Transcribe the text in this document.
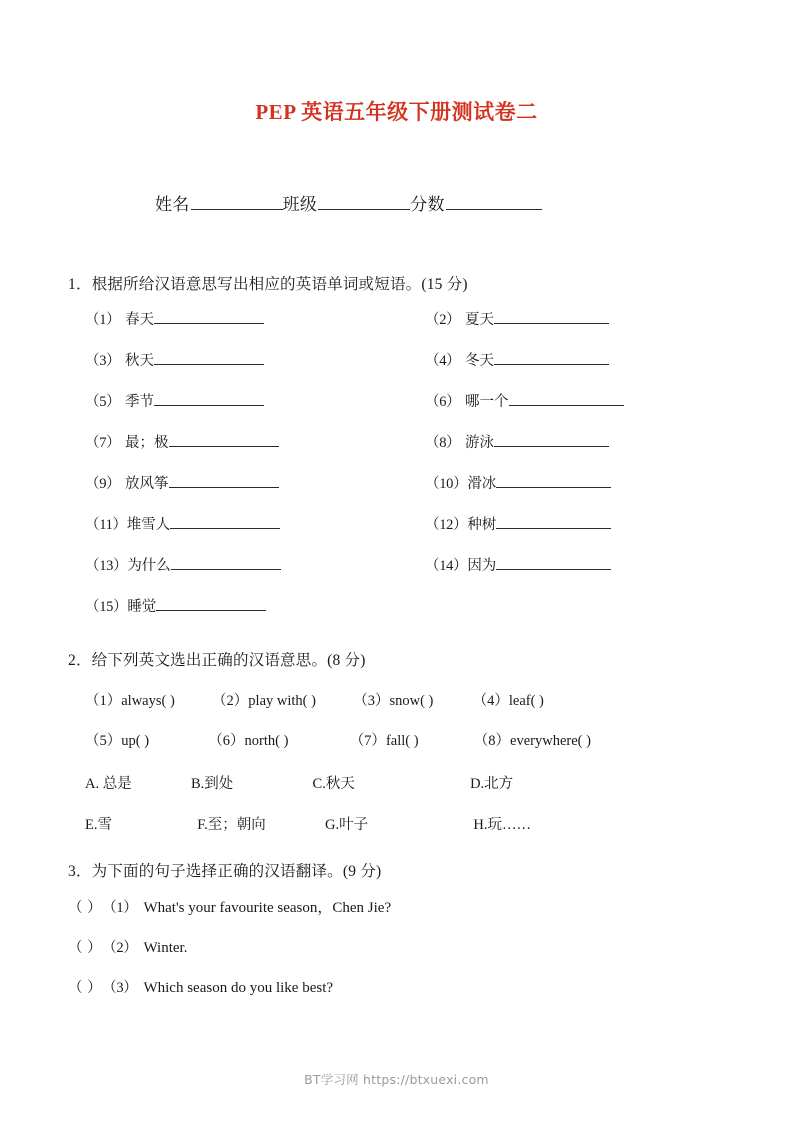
PEP 英语五年级下册测试卷二
姓名	班级	分数
1．根据所给汉语意思写出相应的英语单词或短语。(15 分)
（1） 春天	（2） 夏天
（3） 秋天	（4） 冬天
（5） 季节	（6） 哪一个
（7） 最；极	（8） 游泳
（9） 放风筝	（10） 滑冰
（11） 堆雪人	（12） 种树
（13） 为什么	（14） 因为
（15） 睡觉
2．给下列英文选出正确的汉语意思。(8 分)
（1）always( )	（2）play with( )	（3）snow( )	（4）leaf( )
（5）up( )	（6）north( )	（7）fall( )	（8）everywhere( )
A. 总是	B.到处	C.秋天	D.北方
E.雪	F.至；朝向	G.叶子	H.玩……
3．为下面的句子选择正确的汉语翻译。(9 分)
（ ） （1） What's your favourite season，Chen Jie?
（ ） （2） Winter.
（ ） （3） Which season do you like best?
BT学习网 https://btxuexi.com
